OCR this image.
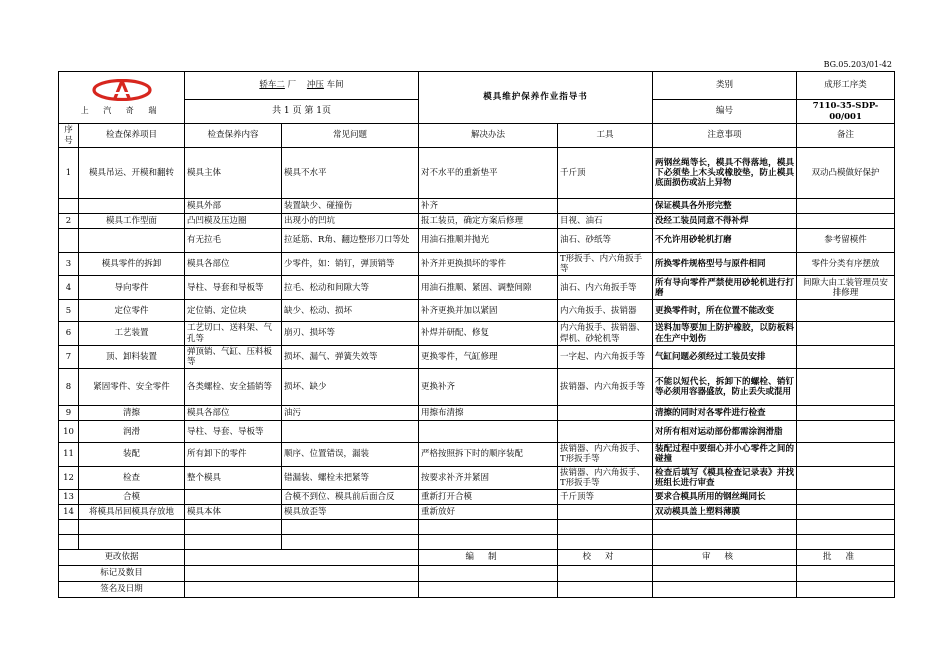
BG.05.203/01-42
上 汽 奇 瑞		轿车二 厂 冲压 车间		模具维护保养作业指导书		类别	成形工序类
		共 1 页 第 1页				编号	7110-35-SDP-00/001
序号	检查保养项目	检查保养内容	常见问题	解决办法	工具	注意事项	备注
1	模具吊运、开模和翻转	模具主体	模具不水平	对不水平的重新垫平	千斤顶	两钢丝绳等长，模具不得落地，模具下必须垫上木头或橡胶垫，防止模具底面损伤或沾上异物	双动凸模做好保护
		模具外部	装置缺少、碰撞伤	补齐		保证模具各外形完整	
2	模具工作型面	凸凹模及压边圈	出现小的凹坑	报工装员，确定方案后修理	目视、油石	没经工装员同意不得补焊	
		有无拉毛	拉延筋、R角、翻边整形刀口等处	用油石推顺并抛光	油石、砂纸等	不允许用砂轮机打磨	参考留模件
3	模具零件的拆卸	模具各部位	少零件，如：销钉，弹顶销等	补齐并更换损坏的零件	T形扳手、内六角扳手等	所换零件规格型号与原件相同	零件分类有序摆放
4	导向零件	导柱、导套和导板等	拉毛、松动和间隙大等	用油石推顺、紧固、调整间隙	油石、内六角扳手等	所有导向零件严禁使用砂轮机进行打磨	间隙大由工装管理员安排修理
5	定位零件	定位销、定位块	缺少、松动、损坏	补齐更换并加以紧固	内六角扳手、拔销器	更换零件时，所在位置不能改变	
6	工艺装置	工艺切口、送料架、气孔等	崩刃、损坏等	补焊并研配、修复	内六角扳手、拔销器、焊机、砂轮机等	送料加等要加上防护橡胶，以防板料在生产中划伤	
7	顶、卸料装置	弹顶销、气缸、压料板等	损坏、漏气、弹簧失效等	更换零件，气缸修理	一字起、内六角扳手等	气缸问题必须经过工装员安排	
8	紧固零件、安全零件	各类螺栓、安全插销等	损坏、缺少	更换补齐	拔销器、内六角扳手等	不能以短代长，拆卸下的螺栓、销钉等必须用容器盛放，防止丢失或混用	
9	清擦	模具各部位	油污	用擦布清擦		清擦的同时对各零件进行检查	
10	润滑	导柱、导套、导板等				对所有相对运动部份都需涂润滑脂	
11	装配	所有卸下的零件	顺序、位置错误，漏装	严格按照拆下时的顺序装配	拔销器、内六角扳手、T形扳手等	装配过程中要细心并小心零件之间的碰撞	
12	检查	整个模具	错漏装、螺栓未把紧等	按要求补齐并紧固	拔销器、内六角扳手、T形扳手等	检查后填写《模具检查记录表》并找班组长进行审查	
13	合模		合模不到位、模具前后面合反	重新打开合模	千斤顶等	要求合模具所用的钢丝绳同长	
14	将模具吊回模具存放地	模具本体	模具放歪等	重新放好		双动模具盖上塑料薄膜	

更改依据				编制	校对	审核	批准
标记及数目							
签名及日期							
